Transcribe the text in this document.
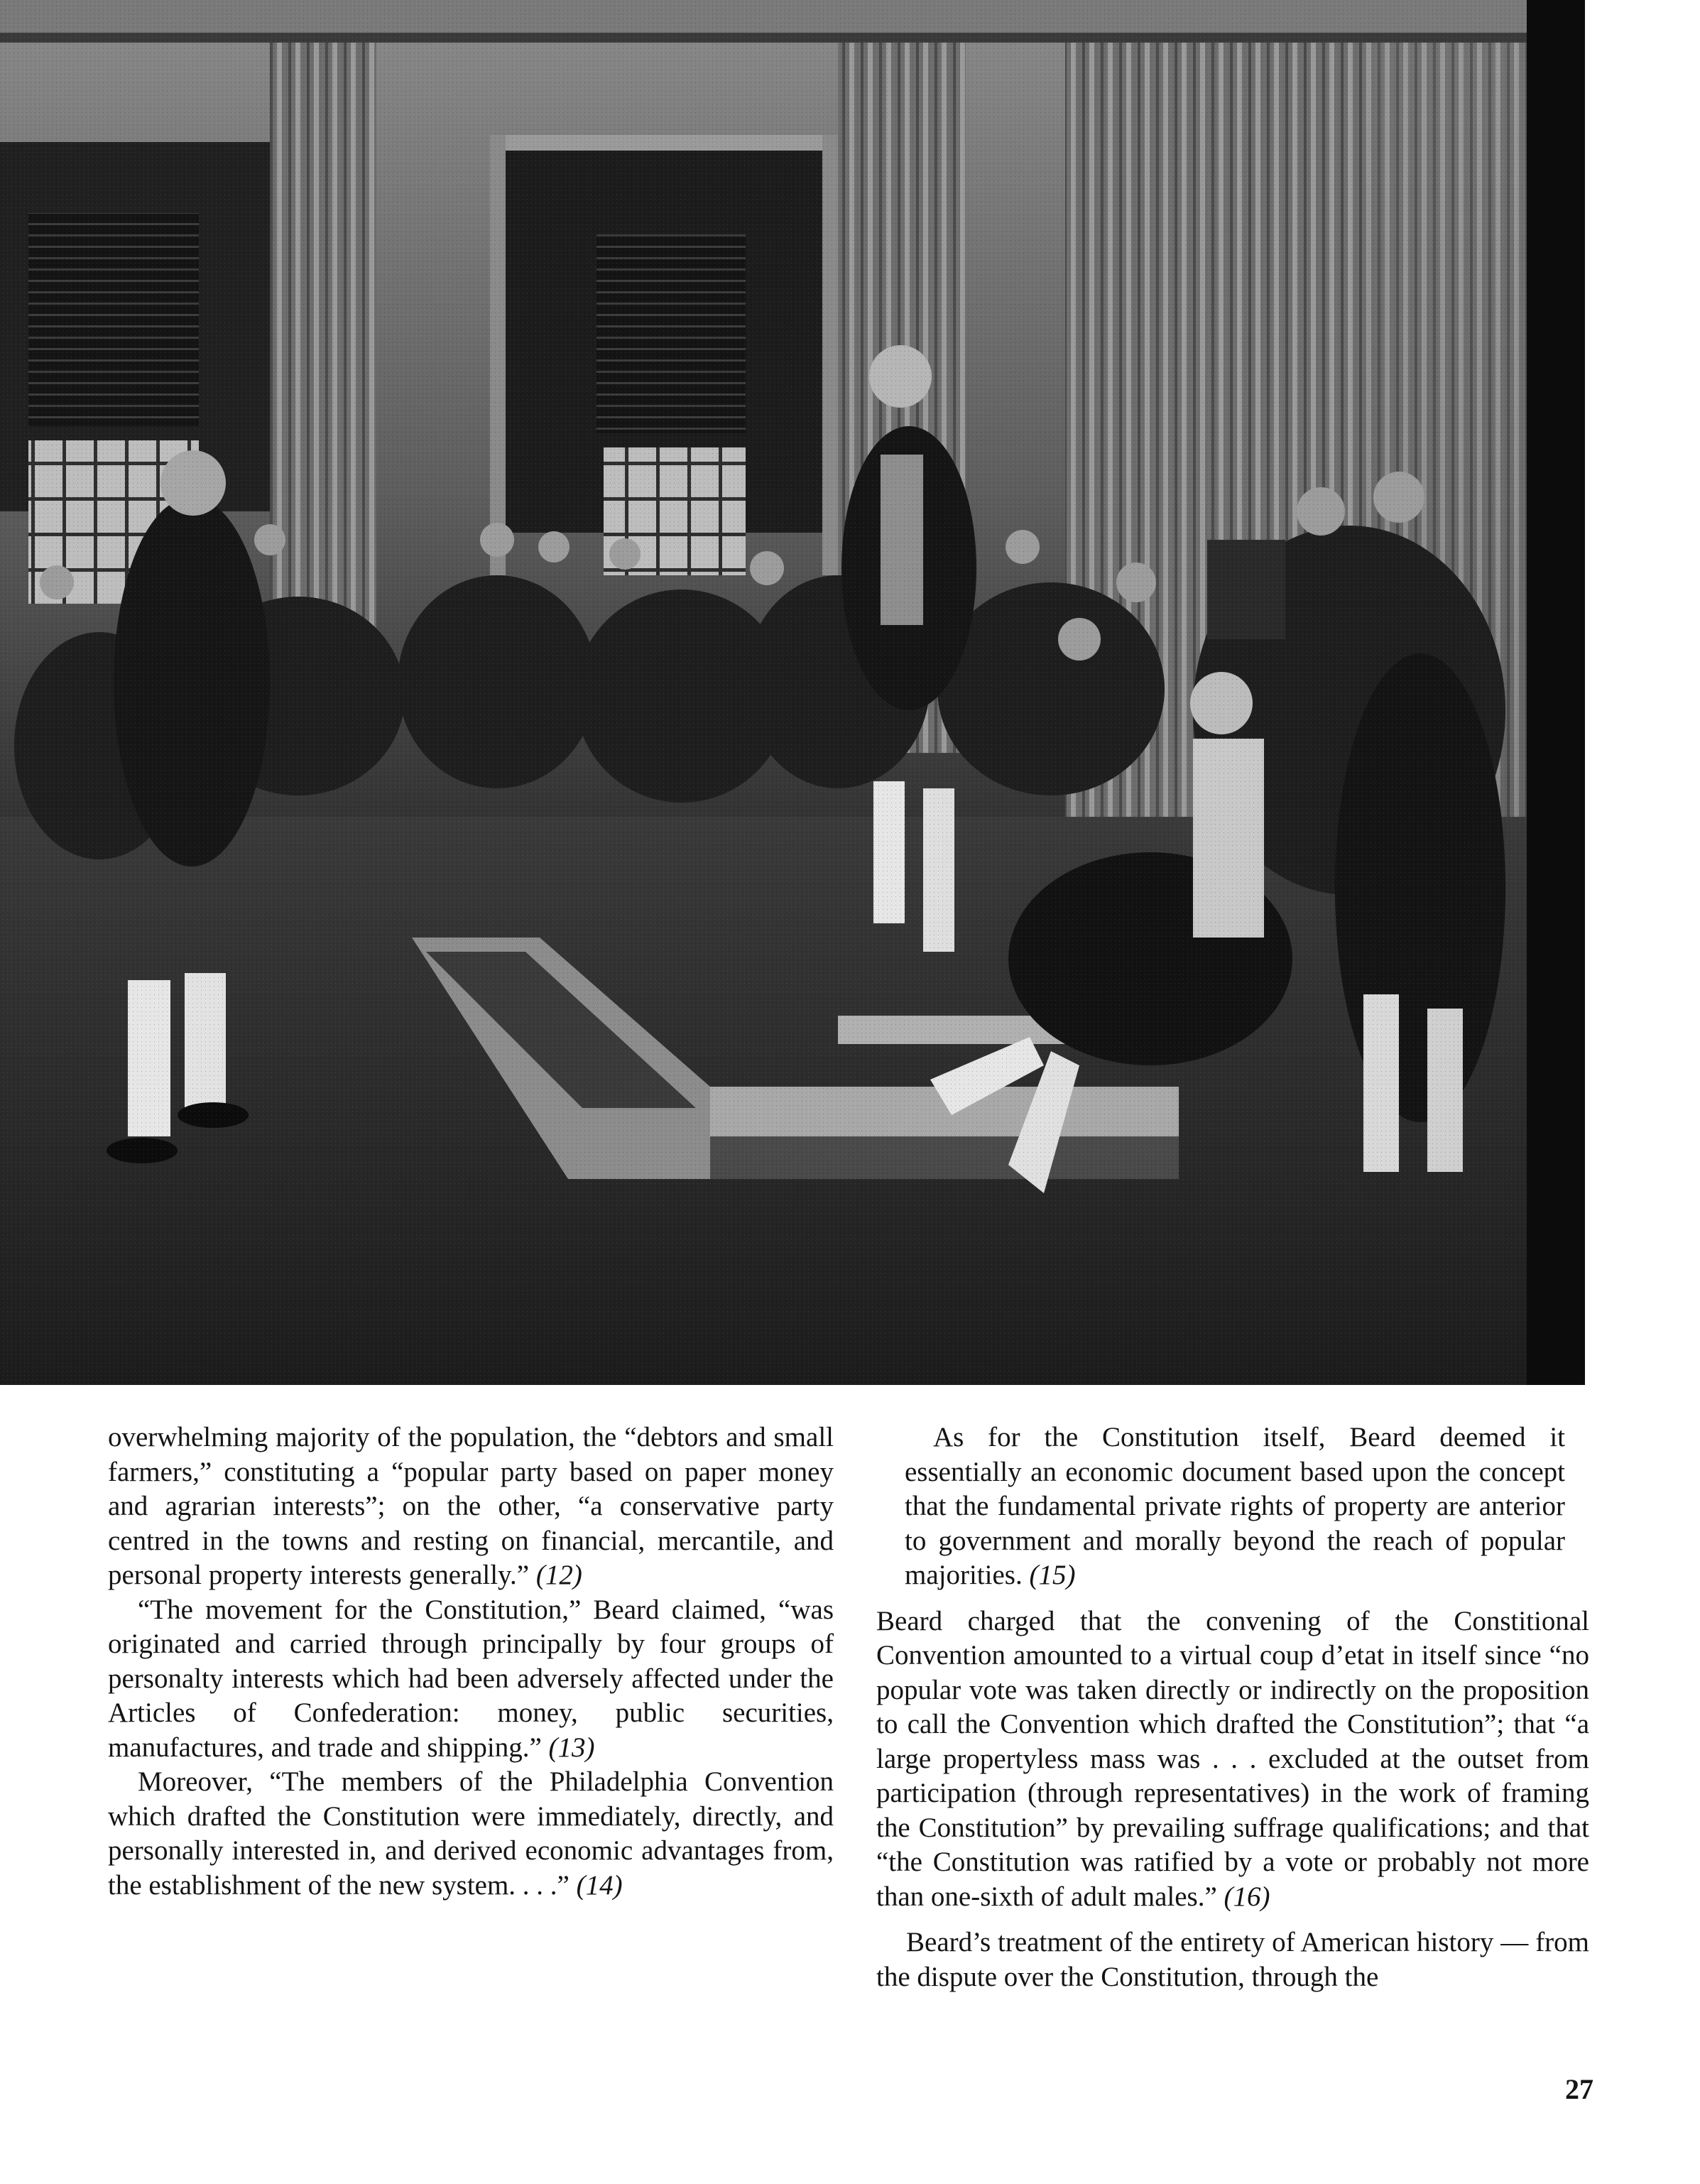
overwhelming majority of the population, the “debtors and small farmers,” constituting a “popular party based on paper money and agrarian interests”; on the other, “a conservative party centred in the towns and resting on financial, mercantile, and personal property interests generally.” (12)

“The movement for the Constitution,” Beard claimed, “was originated and carried through principally by four groups of personalty interests which had been adversely affected under the Articles of Confederation: money, public securities, manufactures, and trade and shipping.” (13)

Moreover, “The members of the Philadelphia Convention which drafted the Constitution were immediately, directly, and personally interested in, and derived economic advantages from, the establishment of the new system. . . .” (14)

As for the Constitution itself, Beard deemed it essentially an economic document based upon the concept that the fundamental private rights of property are anterior to government and morally beyond the reach of popular majorities. (15)

Beard charged that the convening of the Constitional Convention amounted to a virtual coup d’etat in itself since “no popular vote was taken directly or indirectly on the proposition to call the Convention which drafted the Constitution”; that “a large propertyless mass was . . . excluded at the outset from participation (through representatives) in the work of framing the Constitution” by prevailing suffrage qualifications; and that “the Constitution was ratified by a vote or probably not more than one-sixth of adult males.” (16)

Beard’s treatment of the entirety of American history — from the dispute over the Constitution, through the

27
